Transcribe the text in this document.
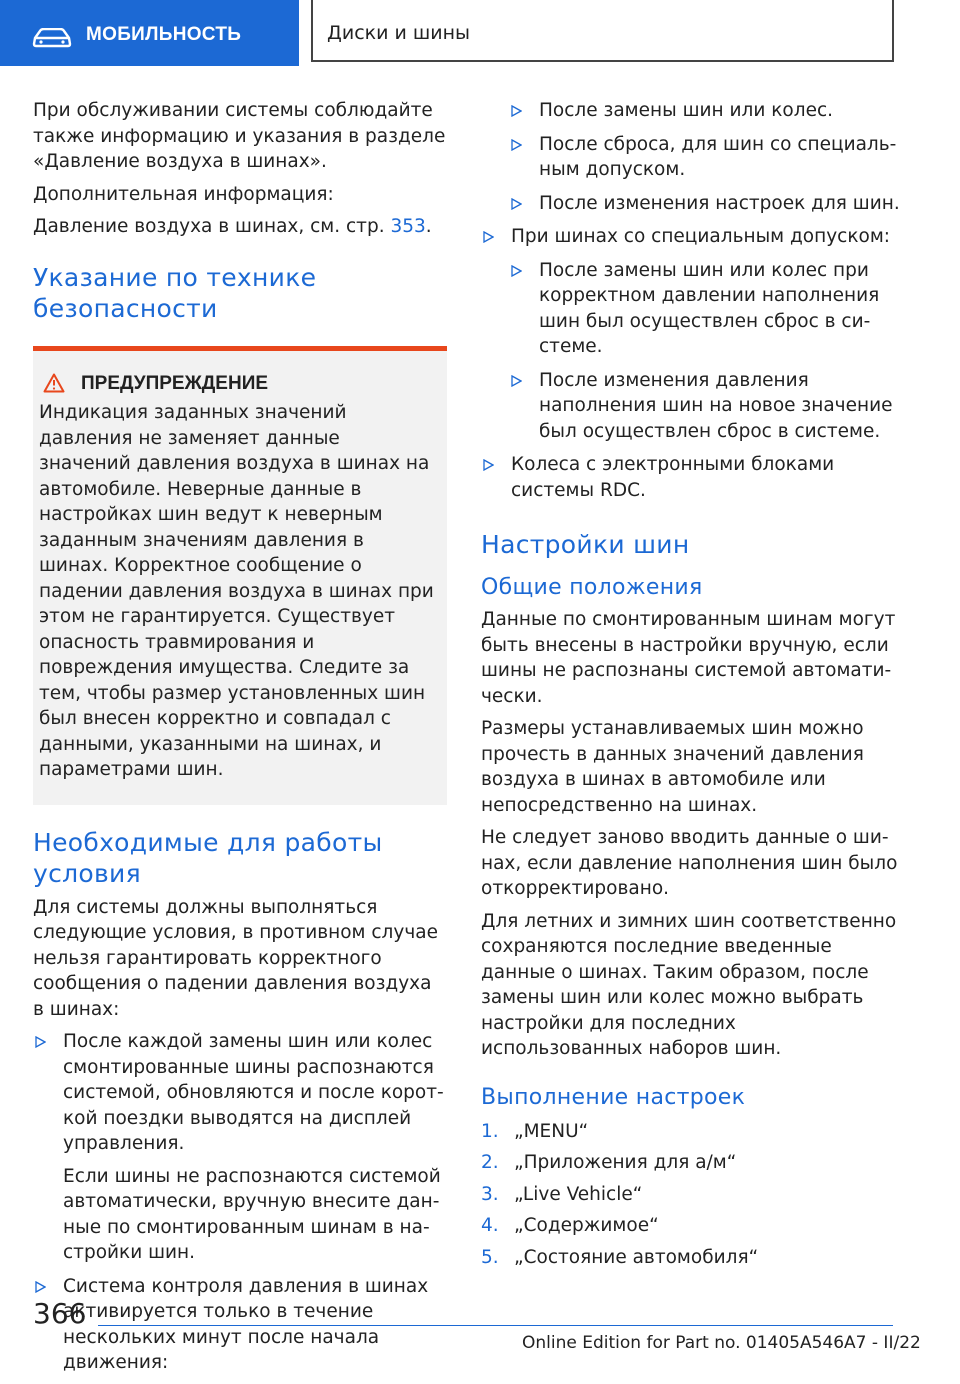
МОБИЛЬНОСТЬ	Диски и шины

При обслуживании системы соблюдайте также информацию и указания в разделе «Давление воздуха в шинах».

Дополнительная информация:

Давление воздуха в шинах, см. стр. 353.

Указание по технике безопасности
ПРЕДУПРЕЖДЕНИЕ
Индикация заданных значений давления не заменяет данные значений давления воздуха в шинах на автомобиле. Неверные данные в настройках шин ведут к неверным заданным значениям давления в шинах. Корректное сообщение о падении давления воздуха в шинах при этом не гарантируется. Существует опасность травмирования и повреждения имущества. Следите за тем, чтобы размер установленных шин был внесен корректно и совпадал с данными, указанными на шинах, и параметрами шин.
Необходимые для работы условия

Для системы должны выполняться следующие условия, в противном случае нельзя гарантировать корректного сообщения о падении давления воздуха в шинах:

После каждой замены шин или колес смонтированные шины распознаются системой, обновляются и после короткой поездки выводятся на дисплей управления.
Если шины не распознаются системой автоматически, вручную внесите данные по смонтированным шинам в настройки шин.
Система контроля давления в шинах активируется только в течение нескольких минут после начала движения:
После замены шин или колес.
После сброса, для шин со специальным допуском.
После изменения настроек для шин.
При шинах со специальным допуском:
После замены шин или колес при корректном давлении наполнения шин был осуществлен сброс в системе.
После изменения давления наполнения шин на новое значение был осуществлен сброс в системе.
Колеса с электронными блоками системы RDC.
Настройки шин
Общие положения

Данные по смонтированным шинам могут быть внесены в настройки вручную, если шины не распознаны системой автоматически.

Размеры устанавливаемых шин можно прочесть в данных значений давления воздуха в шинах в автомобиле или непосредственно на шинах.

Не следует заново вводить данные о шинах, если давление наполнения шин было откорректировано.

Для летних и зимних шин соответственно сохраняются последние введенные данные о шинах. Таким образом, после замены шин или колес можно выбрать настройки для последних использованных наборов шин.

Выполнение настроек
1. „MENU“
2. „Приложения для а/м“
3. „Live Vehicle“
4. „Содержимое“
5. „Состояние автомобиля“
366
Online Edition for Part no. 01405A546A7 - II/22
